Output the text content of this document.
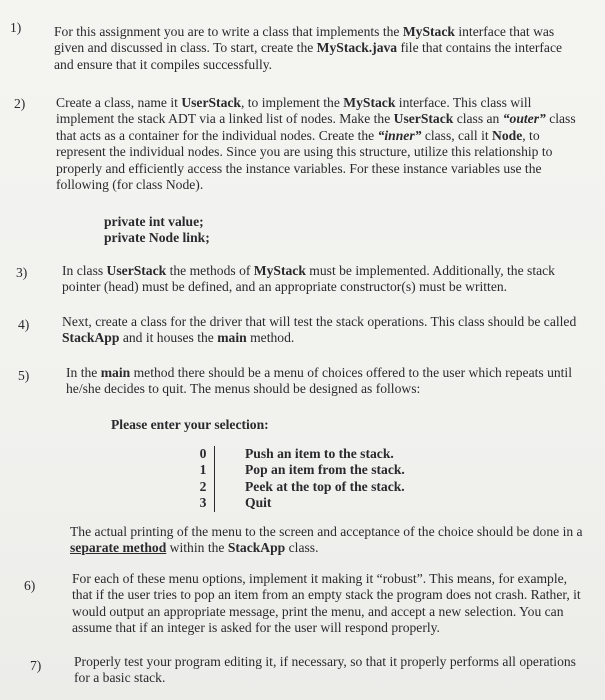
1)	For this assignment you are to write a class that implements the MyStack interface that was given and discussed in class. To start, create the MyStack.java file that contains the interface and ensure that it compiles successfully.
2)	Create a class, name it UserStack, to implement the MyStack interface. This class will implement the stack ADT via a linked list of nodes. Make the UserStack class an “outer” class that acts as a container for the individual nodes. Create the “inner” class, call it Node, to represent the individual nodes. Since you are using this structure, utilize this relationship to properly and efficiently access the instance variables. For these instance variables use the following (for class Node).
private int value;
private Node link;
3)	In class UserStack the methods of MyStack must be implemented. Additionally, the stack pointer (head) must be defined, and an appropriate constructor(s) must be written.
4)	Next, create a class for the driver that will test the stack operations. This class should be called StackApp and it houses the main method.
5)	In the main method there should be a menu of choices offered to the user which repeats until he/she decides to quit. The menus should be designed as follows:
Please enter your selection:
0	Push an item to the stack.
1	Pop an item from the stack.
2	Peek at the top of the stack.
3	Quit
The actual printing of the menu to the screen and acceptance of the choice should be done in a separate method within the StackApp class.
6)	For each of these menu options, implement it making it “robust”. This means, for example, that if the user tries to pop an item from an empty stack the program does not crash. Rather, it would output an appropriate message, print the menu, and accept a new selection. You can assume that if an integer is asked for the user will respond properly.
7)	Properly test your program editing it, if necessary, so that it properly performs all operations for a basic stack.
